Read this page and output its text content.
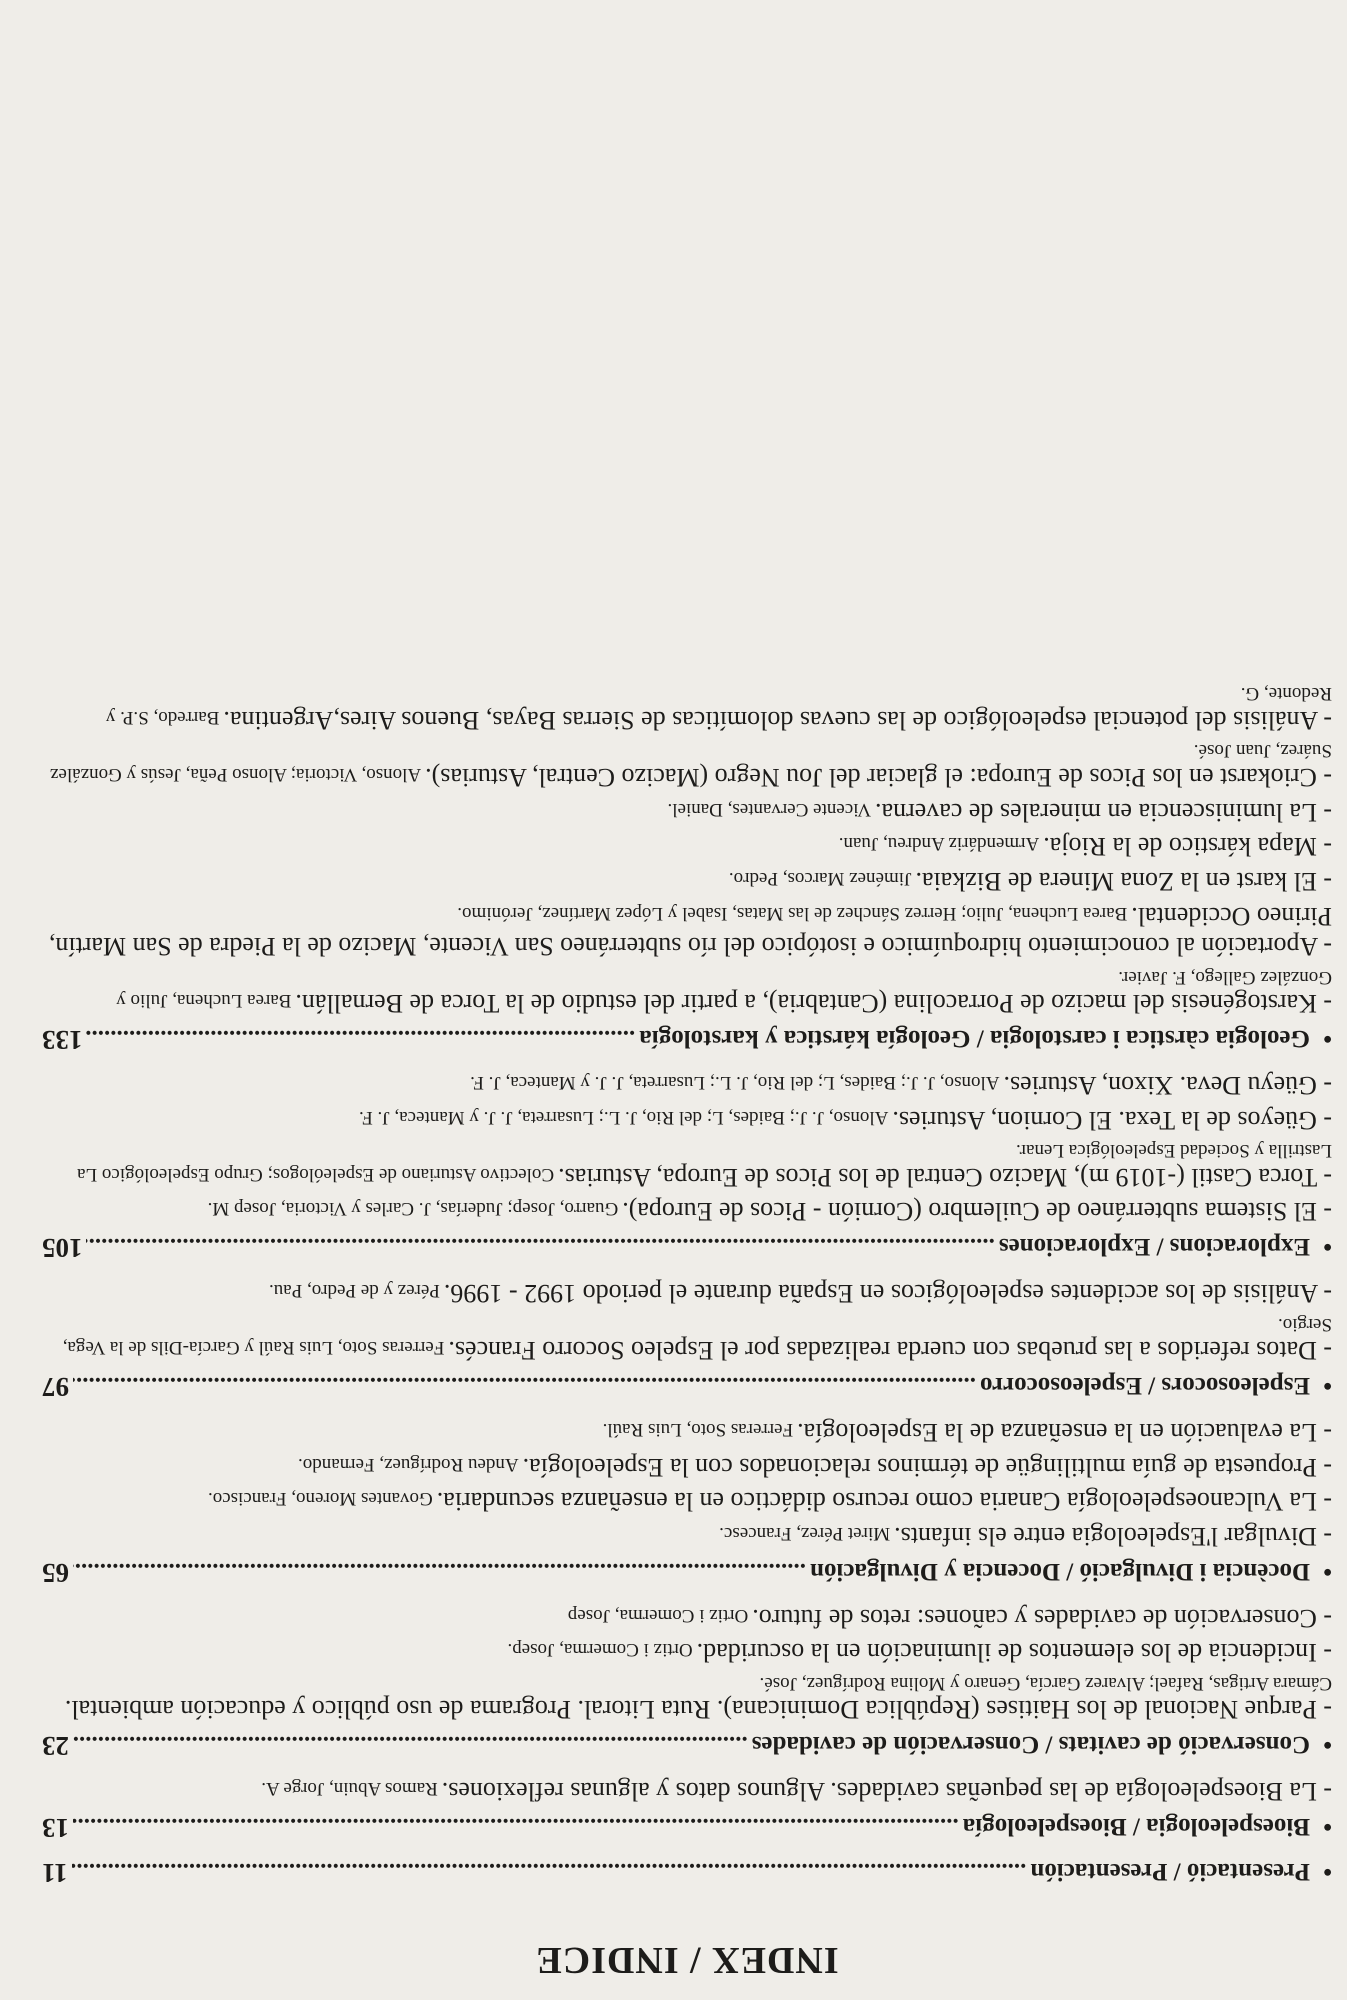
INDEX / INDICE
•
Presentació / Presentación
.....
11
•
Bioespeleologia / Bioespeleología
.....
13
- La Bioespeleología de las pequeñas cavidades. Algunos datos y algunas reflexiones. Ramos Abuin, Jorge A.
•
Conservació de cavitats / Conservación de cavidades
.....
23
- Parque Nacional de los Haitises (República Dominicana). Ruta Litoral. Programa de uso público y educación ambiental. Cámara Artigas, Rafael; Alvarez García, Genaro y Molina Rodríguez, José.
- Incidencia de los elementos de iluminación en la oscuridad. Ortiz i Comerma, Josep.
- Conservación de cavidades y cañones: retos de futuro. Ortiz i Comerma, Josep
•
Docència i Divulgació / Docencia y Divulgación
.....
65
- Divulgar l'Espeleologia entre els infants. Miret Pérez, Francesc.
- La Vulcanoespeleología Canaria como recurso didáctico en la enseñanza secundaria. Govantes Moreno, Francisco.
- Propuesta de guía multilingüe de términos relacionados con la Espeleología. Andeu Rodríguez, Fernando.
- La evaluación en la enseñanza de la Espeleología. Ferreras Soto, Luis Raúl.
•
Espeleosocors / Espeleosocorro
.....
97
- Datos referidos a las pruebas con cuerda realizadas por el Espeleo Socorro Francés. Ferreras Soto, Luis Raúl y García-Dils de la Vega, Sergio.
- Análisis de los accidentes espeleológicos en España durante el periodo 1992 - 1996. Pérez y de Pedro, Pau.
•
Exploracions / Exploraciones
.....
105
- El Sistema subterráneo de Cuilembro (Cornión - Picos de Europa). Guarro, Josep; Juderías, J. Carles y Victoria, Josep M.
- Torca Castil (-1019 m), Macizo Central de los Picos de Europa, Asturias. Colectivo Asturiano de Espeleólogos; Grupo Espeleológico La Lastrilla y Sociedad Espeleológica Lenar.
- Güeyos de la Texa. El Cornion, Asturies. Alonso, J. J.; Baides, L; del Rio, J. L.; Lusarreta, J. J. y Manteca, J. F.
- Güeyu Deva. Xixon, Asturies. Alonso, J. J.; Baides, L; del Rio, J. L.; Lusarreta, J. J. y Manteca, J. F.
•
Geologia càrstica i carstologia / Geología kárstica y karstología
.....
133
- Karstogénesis del macizo de Porracolina (Cantabria), a partir del estudio de la Torca de Bernallán. Barea Luchena, Julio y González Gallego, F. Javier.
- Aportación al conocimiento hidroquímico e isotópico del río subterráneo San Vicente, Macizo de la Piedra de San Martín, Pirineo Occidental. Barea Luchena, Julio; Herrez Sánchez de las Matas, Isabel y López Martínez, Jerónimo.
- El karst en la Zona Minera de Bizkaia. Jiménez Marcos, Pedro.
- Mapa kárstico de la Rioja. Armendáriz Andreu, Juan.
- La luminiscencia en minerales de caverna. Vicente Cervantes, Daniel.
- Criokarst en los Picos de Europa: el glaciar del Jou Negro (Macizo Central, Asturias). Alonso, Victoria; Alonso Peña, Jesús y González Suárez, Juan José.
- Análisis del potencial espeleológico de las cuevas dolomíticas de Sierras Bayas, Buenos Aires,Argentina. Barredo, S.P. y Redonte, G.
